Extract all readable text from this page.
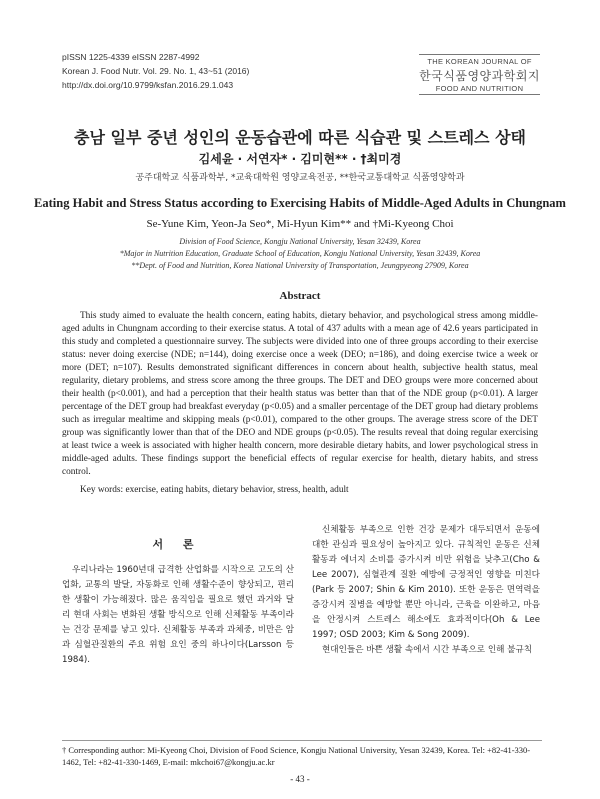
pISSN 1225-4339 eISSN 2287-4992
Korean J. Food Nutr. Vol. 29. No. 1, 43~51 (2016)
http://dx.doi.org/10.9799/ksfan.2016.29.1.043
THE KOREAN JOURNAL OF
한국식품영양과학회지
FOOD AND NUTRITION
충남 일부 중년 성인의 운동습관에 따른 식습관 및 스트레스 상태
김세윤 · 서연자* · 김미현** · †최미경
공주대학교 식품과학부, *교육대학원 영양교육전공, **한국교통대학교 식품영양학과
Eating Habit and Stress Status according to Exercising Habits of Middle-Aged Adults in Chungnam
Se-Yune Kim, Yeon-Ja Seo*, Mi-Hyun Kim** and †Mi-Kyeong Choi
Division of Food Science, Kongju National University, Yesan 32439, Korea
*Major in Nutrition Education, Graduate School of Education, Kongju National University, Yesan 32439, Korea
**Dept. of Food and Nutrition, Korea National University of Transportation, Jeungpyeong 27909, Korea
Abstract
This study aimed to evaluate the health concern, eating habits, dietary behavior, and psychological stress among middle-aged adults in Chungnam according to their exercise status. A total of 437 adults with a mean age of 42.6 years participated in this study and completed a questionnaire survey. The subjects were divided into one of three groups according to their exercise status: never doing exercise (NDE; n=144), doing exercise once a week (DEO; n=186), and doing exercise twice a week or more (DET; n=107). Results demonstrated significant differences in concern about health, subjective health status, meal regularity, dietary problems, and stress score among the three groups. The DET and DEO groups were more concerned about their health (p<0.001), and had a perception that their health status was better than that of the NDE group (p<0.01). A larger percentage of the DET group had breakfast everyday (p<0.05) and a smaller percentage of the DET group had dietary problems such as irregular mealtime and skipping meals (p<0.01), compared to the other groups. The average stress score of the DET group was significantly lower than that of the DEO and NDE groups (p<0.05). The results reveal that doing regular exercising at least twice a week is associated with higher health concern, more desirable dietary habits, and lower psychological stress in middle-aged adults. These findings support the beneficial effects of regular exercise for health, dietary habits, and stress control.
Key words: exercise, eating habits, dietary behavior, stress, health, adult
서 론

우리나라는 1960년대 급격한 산업화를 시작으로 고도의 산업화, 교통의 발달, 자동화로 인해 생활수준이 향상되고, 편리한 생활이 가능해졌다. 많은 움직임을 필요로 했던 과거와 달리 현대 사회는 변화된 생활 방식으로 인해 신체활동 부족이라는 건강 문제를 낳고 있다. 신체활동 부족과 과체중, 비만은 암과 심혈관질환의 주요 위험 요인 중의 하나이다(Larsson 등 1984).

신체활동 부족으로 인한 건강 문제가 대두되면서 운동에 대한 관심과 필요성이 높아지고 있다. 규칙적인 운동은 신체 활동과 에너지 소비를 증가시켜 비만 위험을 낮추고(Cho & Lee 2007), 심혈관계 질환 예방에 긍정적인 영향을 미친다(Park 등 2007; Shin & Kim 2010). 또한 운동은 면역력을 증강시켜 질병을 예방할 뿐만 아니라, 근육을 이완하고, 마음을 안정시켜 스트레스 해소에도 효과적이다(Oh & Lee 1997; OSD 2003; Kim & Song 2009).

현대인들은 바쁜 생활 속에서 시간 부족으로 인해 불규칙

† Corresponding author: Mi-Kyeong Choi, Division of Food Science, Kongju National University, Yesan 32439, Korea. Tel: +82-41-330-1462, Tel: +82-41-330-1469, E-mail: mkchoi67@kongju.ac.kr
- 43 -
